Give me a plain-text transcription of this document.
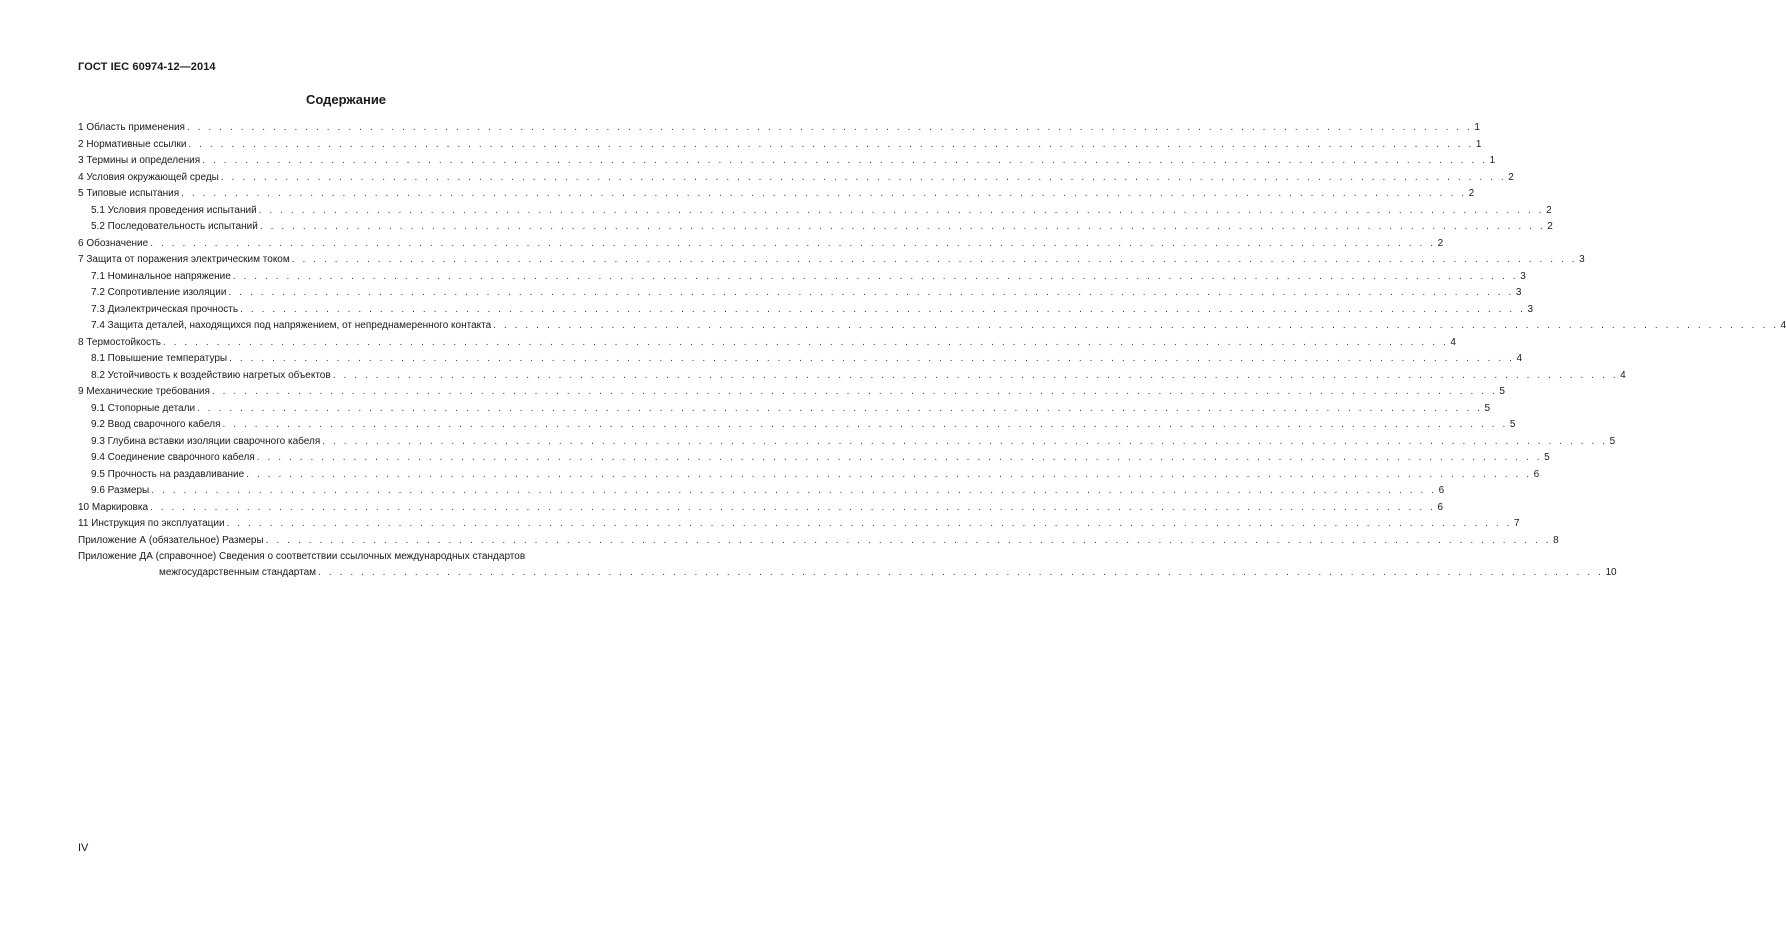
ГОСТ IEC 60974-12—2014
Содержание
1 Область применения . . . . . . . . . . . . . . . . . . . . . . . . . . . . . . . . . . . . . . . . . . . . . . . . . . . . . . . . . . . . . . . . . . . . . . . . . . . . . . . . . . . . . . . . . . . . . . . . . . . . . . . . . . . . . . . . . . . . . . . . 1
2 Нормативные ссылки . . . . . . . . . . . . . . . . . . . . . . . . . . . . . . . . . . . . . . . . . . . . . . . . . . . . . . . . . . . . . . . . . . . . . . . . . . . . . . . . . . . . . . . . . . . . . . . . . . . . . . . . . . . . . . . . . . . . . . . . 1
3 Термины и определения . . . . . . . . . . . . . . . . . . . . . . . . . . . . . . . . . . . . . . . . . . . . . . . . . . . . . . . . . . . . . . . . . . . . . . . . . . . . . . . . . . . . . . . . . . . . . . . . . . . . . . . . . . . . . . . . . . . . . . . . 1
4 Условия окружающей среды . . . . . . . . . . . . . . . . . . . . . . . . . . . . . . . . . . . . . . . . . . . . . . . . . . . . . . . . . . . . . . . . . . . . . . . . . . . . . . . . . . . . . . . . . . . . . . . . . . . . . . . . . . . . . . . . . . . . . . . . 2
5 Типовые испытания . . . . . . . . . . . . . . . . . . . . . . . . . . . . . . . . . . . . . . . . . . . . . . . . . . . . . . . . . . . . . . . . . . . . . . . . . . . . . . . . . . . . . . . . . . . . . . . . . . . . . . . . . . . . . . . . . . . . . . . . 2
5.1 Условия проведения испытаний . . . . . . . . . . . . . . . . . . . . . . . . . . . . . . . . . . . . . . . . . . . . . . . . . . . . . . . . . . . . . . . . . . . . . . . . . . . . . . . . . . . . . . . . . . . . . . . . . . . . . . . . . . . . . . . . . . . . . . . . 2
5.2 Последовательность испытаний . . . . . . . . . . . . . . . . . . . . . . . . . . . . . . . . . . . . . . . . . . . . . . . . . . . . . . . . . . . . . . . . . . . . . . . . . . . . . . . . . . . . . . . . . . . . . . . . . . . . . . . . . . . . . . . . . . . . . . . . 2
6 Обозначение . . . . . . . . . . . . . . . . . . . . . . . . . . . . . . . . . . . . . . . . . . . . . . . . . . . . . . . . . . . . . . . . . . . . . . . . . . . . . . . . . . . . . . . . . . . . . . . . . . . . . . . . . . . . . . . . . . . . . . . . 2
7 Защита от поражения электрическим током . . . . . . . . . . . . . . . . . . . . . . . . . . . . . . . . . . . . . . . . . . . . . . . . . . . . . . . . . . . . . . . . . . . . . . . . . . . . . . . . . . . . . . . . . . . . . . . . . . . . . . . . . . . . . . . . . . . . . . . . 3
7.1 Номинальное напряжение . . . . . . . . . . . . . . . . . . . . . . . . . . . . . . . . . . . . . . . . . . . . . . . . . . . . . . . . . . . . . . . . . . . . . . . . . . . . . . . . . . . . . . . . . . . . . . . . . . . . . . . . . . . . . . . . . . . . . . . . 3
7.2 Сопротивление изоляции . . . . . . . . . . . . . . . . . . . . . . . . . . . . . . . . . . . . . . . . . . . . . . . . . . . . . . . . . . . . . . . . . . . . . . . . . . . . . . . . . . . . . . . . . . . . . . . . . . . . . . . . . . . . . . . . . . . . . . . . 3
7.3 Диэлектрическая прочность . . . . . . . . . . . . . . . . . . . . . . . . . . . . . . . . . . . . . . . . . . . . . . . . . . . . . . . . . . . . . . . . . . . . . . . . . . . . . . . . . . . . . . . . . . . . . . . . . . . . . . . . . . . . . . . . . . . . . . . . 3
7.4 Защита деталей, находящихся под напряжением, от непреднамеренного контакта . . . . . . . . . . . . . . . . . . . . . . . . . . . . . . . . . . . . . . . . . . . . . . . . . . . . . . . . . . . . . . . . . . . . . . . . . . . . . . . . . . . . . . . . . . . . . . . . . . . . . . . . . . . . . . . . . . . . . . . . 4
8 Термостойкость . . . . . . . . . . . . . . . . . . . . . . . . . . . . . . . . . . . . . . . . . . . . . . . . . . . . . . . . . . . . . . . . . . . . . . . . . . . . . . . . . . . . . . . . . . . . . . . . . . . . . . . . . . . . . . . . . . . . . . . . 4
8.1 Повышение температуры . . . . . . . . . . . . . . . . . . . . . . . . . . . . . . . . . . . . . . . . . . . . . . . . . . . . . . . . . . . . . . . . . . . . . . . . . . . . . . . . . . . . . . . . . . . . . . . . . . . . . . . . . . . . . . . . . . . . . . . . 4
8.2 Устойчивость к воздействию нагретых объектов . . . . . . . . . . . . . . . . . . . . . . . . . . . . . . . . . . . . . . . . . . . . . . . . . . . . . . . . . . . . . . . . . . . . . . . . . . . . . . . . . . . . . . . . . . . . . . . . . . . . . . . . . . . . . . . . . . . . . . . . 4
9 Механические требования . . . . . . . . . . . . . . . . . . . . . . . . . . . . . . . . . . . . . . . . . . . . . . . . . . . . . . . . . . . . . . . . . . . . . . . . . . . . . . . . . . . . . . . . . . . . . . . . . . . . . . . . . . . . . . . . . . . . . . . . 5
9.1 Стопорные детали . . . . . . . . . . . . . . . . . . . . . . . . . . . . . . . . . . . . . . . . . . . . . . . . . . . . . . . . . . . . . . . . . . . . . . . . . . . . . . . . . . . . . . . . . . . . . . . . . . . . . . . . . . . . . . . . . . . . . . . . 5
9.2 Ввод сварочного кабеля . . . . . . . . . . . . . . . . . . . . . . . . . . . . . . . . . . . . . . . . . . . . . . . . . . . . . . . . . . . . . . . . . . . . . . . . . . . . . . . . . . . . . . . . . . . . . . . . . . . . . . . . . . . . . . . . . . . . . . . . 5
9.3 Глубина вставки изоляции сварочного кабеля . . . . . . . . . . . . . . . . . . . . . . . . . . . . . . . . . . . . . . . . . . . . . . . . . . . . . . . . . . . . . . . . . . . . . . . . . . . . . . . . . . . . . . . . . . . . . . . . . . . . . . . . . . . . . . . . . . . . . . . . 5
9.4 Соединение сварочного кабеля . . . . . . . . . . . . . . . . . . . . . . . . . . . . . . . . . . . . . . . . . . . . . . . . . . . . . . . . . . . . . . . . . . . . . . . . . . . . . . . . . . . . . . . . . . . . . . . . . . . . . . . . . . . . . . . . . . . . . . . . 5
9.5 Прочность на раздавливание . . . . . . . . . . . . . . . . . . . . . . . . . . . . . . . . . . . . . . . . . . . . . . . . . . . . . . . . . . . . . . . . . . . . . . . . . . . . . . . . . . . . . . . . . . . . . . . . . . . . . . . . . . . . . . . . . . . . . . . . 6
9.6 Размеры . . . . . . . . . . . . . . . . . . . . . . . . . . . . . . . . . . . . . . . . . . . . . . . . . . . . . . . . . . . . . . . . . . . . . . . . . . . . . . . . . . . . . . . . . . . . . . . . . . . . . . . . . . . . . . . . . . . . . . . . 6
10 Маркировка . . . . . . . . . . . . . . . . . . . . . . . . . . . . . . . . . . . . . . . . . . . . . . . . . . . . . . . . . . . . . . . . . . . . . . . . . . . . . . . . . . . . . . . . . . . . . . . . . . . . . . . . . . . . . . . . . . . . . . . . 6
11 Инструкция по эксплуатации . . . . . . . . . . . . . . . . . . . . . . . . . . . . . . . . . . . . . . . . . . . . . . . . . . . . . . . . . . . . . . . . . . . . . . . . . . . . . . . . . . . . . . . . . . . . . . . . . . . . . . . . . . . . . . . . . . . . . . . . 7
Приложение А (обязательное) Размеры . . . . . . . . . . . . . . . . . . . . . . . . . . . . . . . . . . . . . . . . . . . . . . . . . . . . . . . . . . . . . . . . . . . . . . . . . . . . . . . . . . . . . . . . . . . . . . . . . . . . . . . . . . . . . . . . . . . . . . . . 8
Приложение ДА (справочное) Сведения о соответствии ссылочных международных стандартов
межгосударственным стандартам . . . . . . . . . . . . . . . . . . . . . . . . . . . . . . . . . . . . . . . . . . . . . . . . . . . . . . . . . . . . . . . . . . . . . . . . . . . . . . . . . . . . . . . . . . . . . . . . . . . . . . . . . . . . . . . . . . . . . . . . 10
IV
